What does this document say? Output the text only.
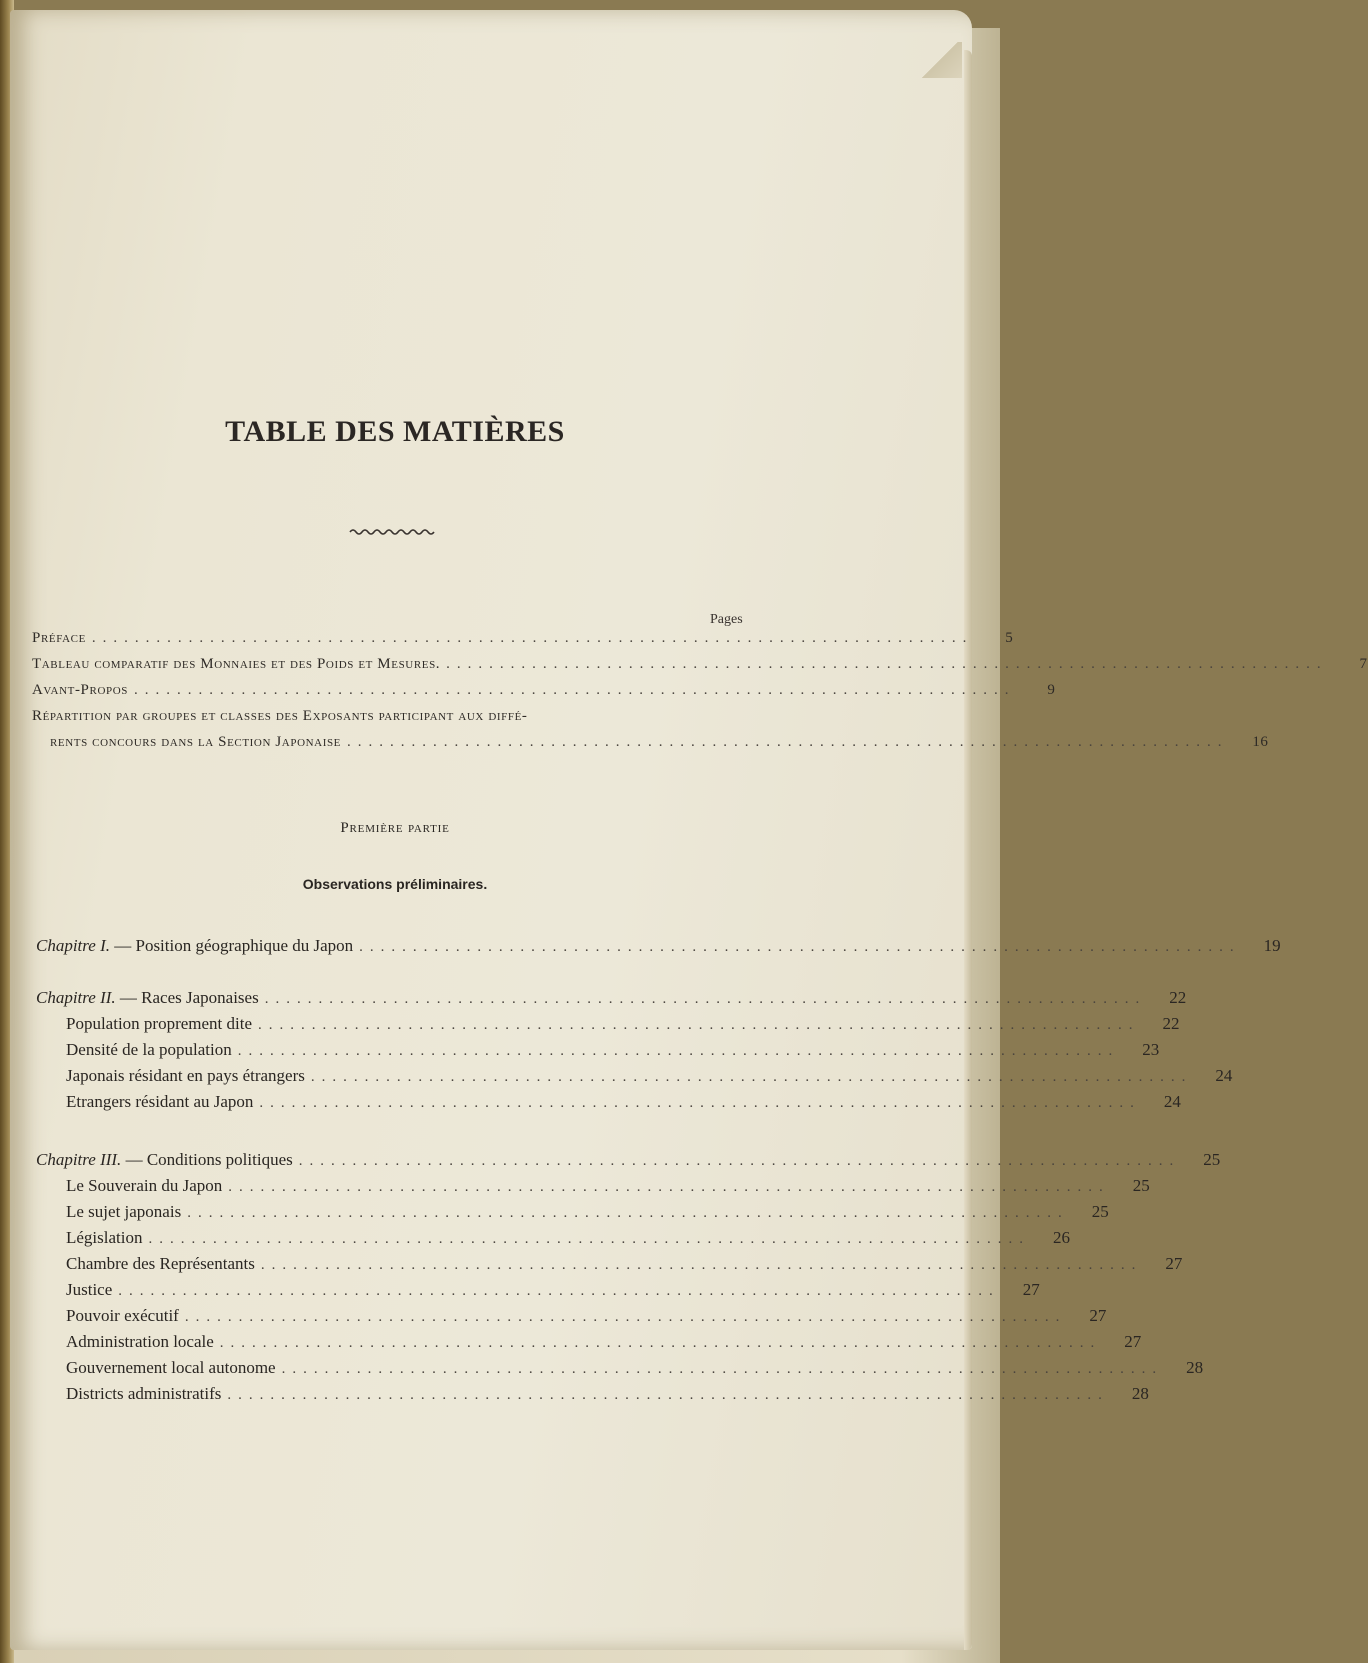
TABLE DES MATIÈRES
Pages
Préface ..................................................................................	5
Tableau comparatif des Monnaies et des Poids et Mesures. ..................................................................................	7
Avant-Propos ..................................................................................	9
Répartition par groupes et classes des Exposants participant aux diffé-
rents concours dans la Section Japonaise ..................................................................................	16
Première partie
Observations préliminaires.
Chapitre I. — Position géographique du Japon ..................................................................................	19
Chapitre II. — Races Japonaises ..................................................................................	22
Population proprement dite ..................................................................................	22
Densité de la population ..................................................................................	23
Japonais résidant en pays étrangers ..................................................................................	24
Etrangers résidant au Japon ..................................................................................	24
Chapitre III. — Conditions politiques ..................................................................................	25
Le Souverain du Japon ..................................................................................	25
Le sujet japonais ..................................................................................	25
Législation ..................................................................................	26
Chambre des Représentants ..................................................................................	27
Justice ..................................................................................	27
Pouvoir exécutif ..................................................................................	27
Administration locale ..................................................................................	27
Gouvernement local autonome ..................................................................................	28
Districts administratifs ..................................................................................	28
